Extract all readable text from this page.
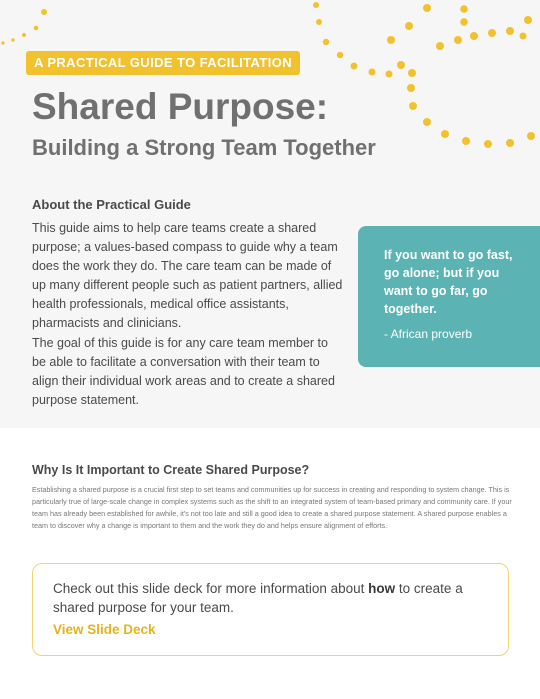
A PRACTICAL GUIDE TO FACILITATION
Shared Purpose:
Building a Strong Team Together
About the Practical Guide

This guide aims to help care teams create a shared purpose; a values-based compass to guide why a team does the work they do. The care team can be made of up many different people such as patient partners, allied health professionals, medical office assistants, pharmacists and clinicians.

The goal of this guide is for any care team member to be able to facilitate a conversation with their team to align their individual work areas and to create a shared purpose statement.

If you want to go fast, go alone; but if you want to go far, go together.

- African proverb

Why Is It Important to Create Shared Purpose?

Establishing a shared purpose is a crucial first step to set teams and communities up for success in creating and responding to system change. This is particularly true of large-scale change in complex systems such as the shift to an integrated system of team-based primary and community care. If your team has already been established for awhile, it's not too late and still a good idea to create a shared purpose statement. A shared purpose enables a team to discover why a change is important to them and the work they do and helps ensure alignment of efforts.

Check out this slide deck for more information about how to create a shared purpose for your team.

View Slide Deck
